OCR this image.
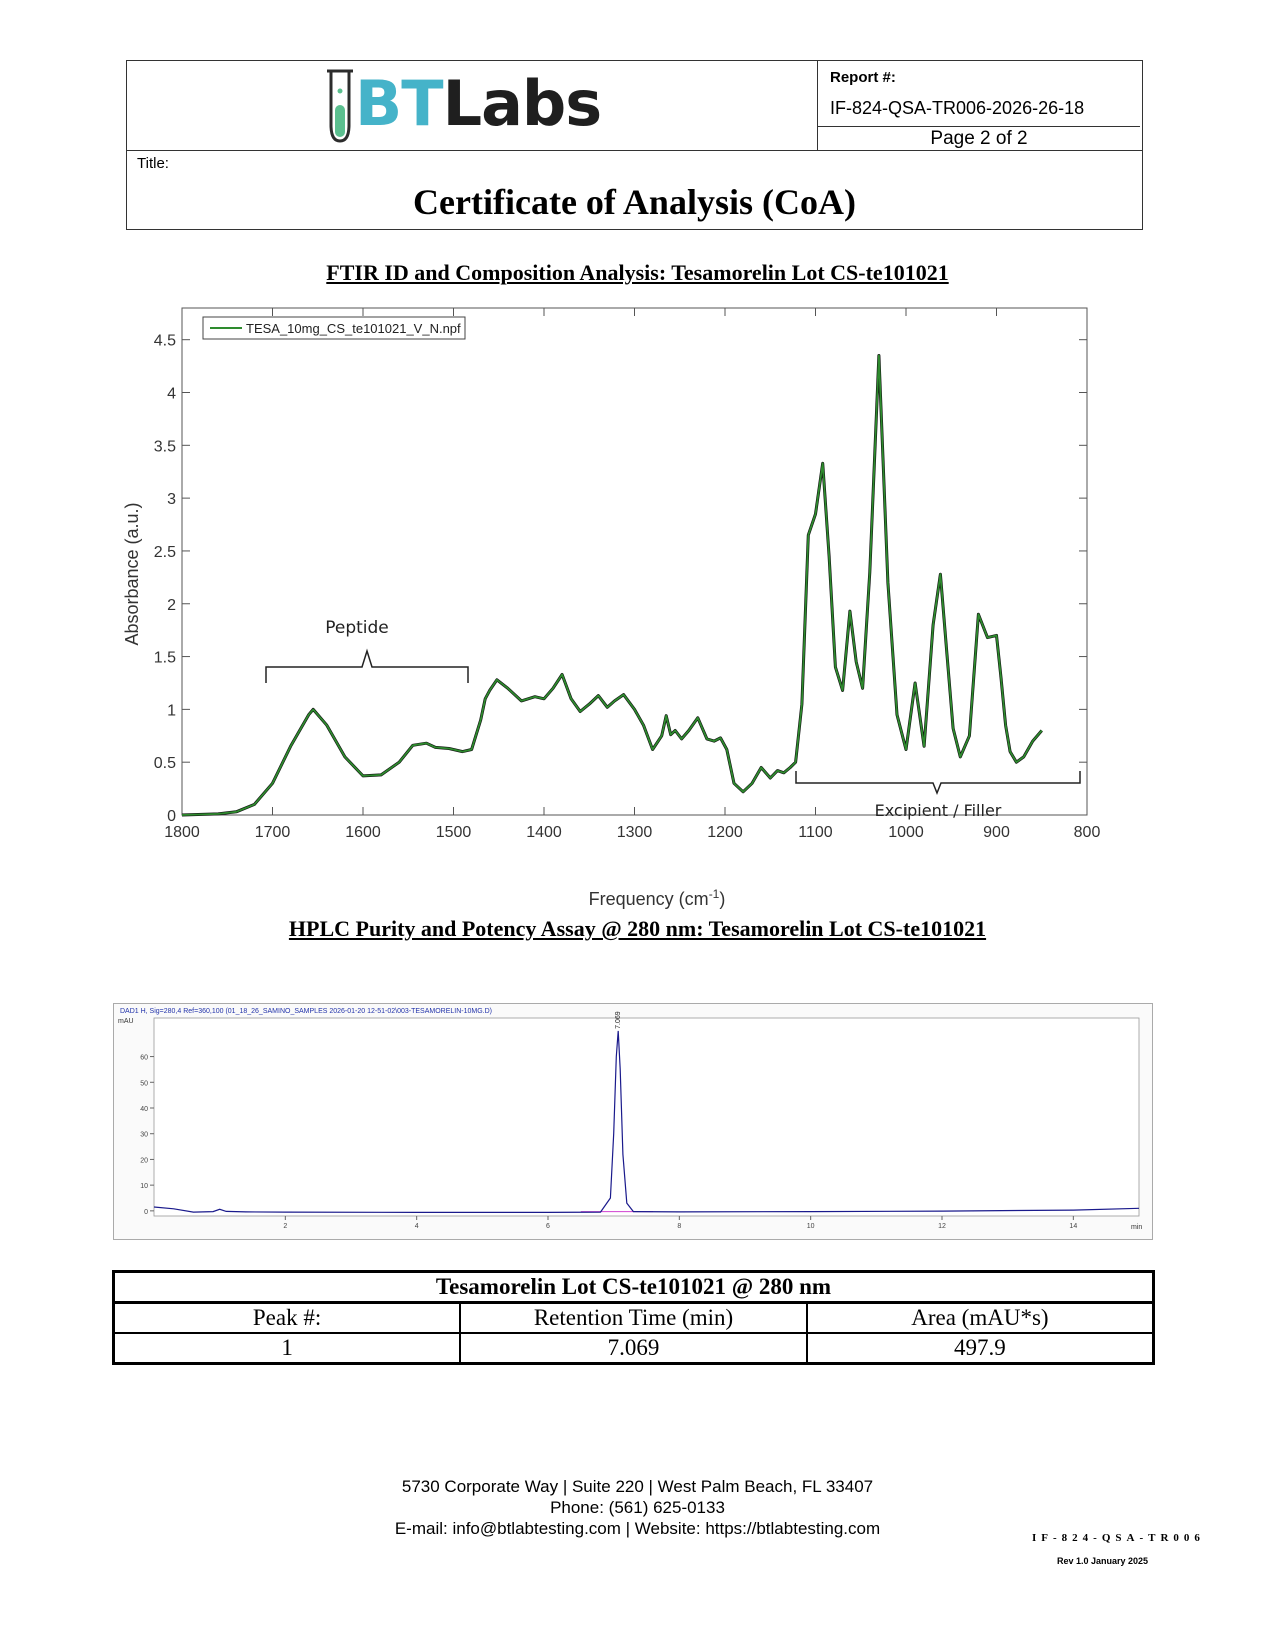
BTLabs	Report #:
IF-824-QSA-TR006-2026-26-18
Page 2 of 2
Title:
Certificate of Analysis (CoA)
FTIR ID and Composition Analysis: Tesamorelin Lot CS-te101021
Absorbance (a.u.)
Frequency $(cm^{-1})$
TESA_10mg_CS_te101021_V_N.npf
Peptide
Excipient / Filler
1800	1700	1600	1500	1400	1300	1200	1100	1000	900	800
0
0.5
1
1.5
2
2.5
3
3.5
4
4.5
HPLC Purity and Potency Assay @ 280 nm: Tesamorelin Lot CS-te101021
DAD1 H, Sig=280,4 Ref=360,100 (01_18_26_SAMINO_SAMPLES 2026-01-20 12-51-02\003-TESAMORELIN-10MG.D)
mAU
min
2	4	6	8	10	12	14
0
10
20
30
40
50
60
7.069
Tesamorelin Lot CS-te101021 @ 280 nm		
Peak #:	Retention Time (min)	Area (mAU*s)
1	7.069	497.9
5730 Corporate Way | Suite 220 | West Palm Beach, FL 33407
Phone: (561) 625-0133
E-mail: info@btlabtesting.com | Website: https://btlabtesting.com	IF-824-QSA-TR006
Rev 1.0 January 2025
